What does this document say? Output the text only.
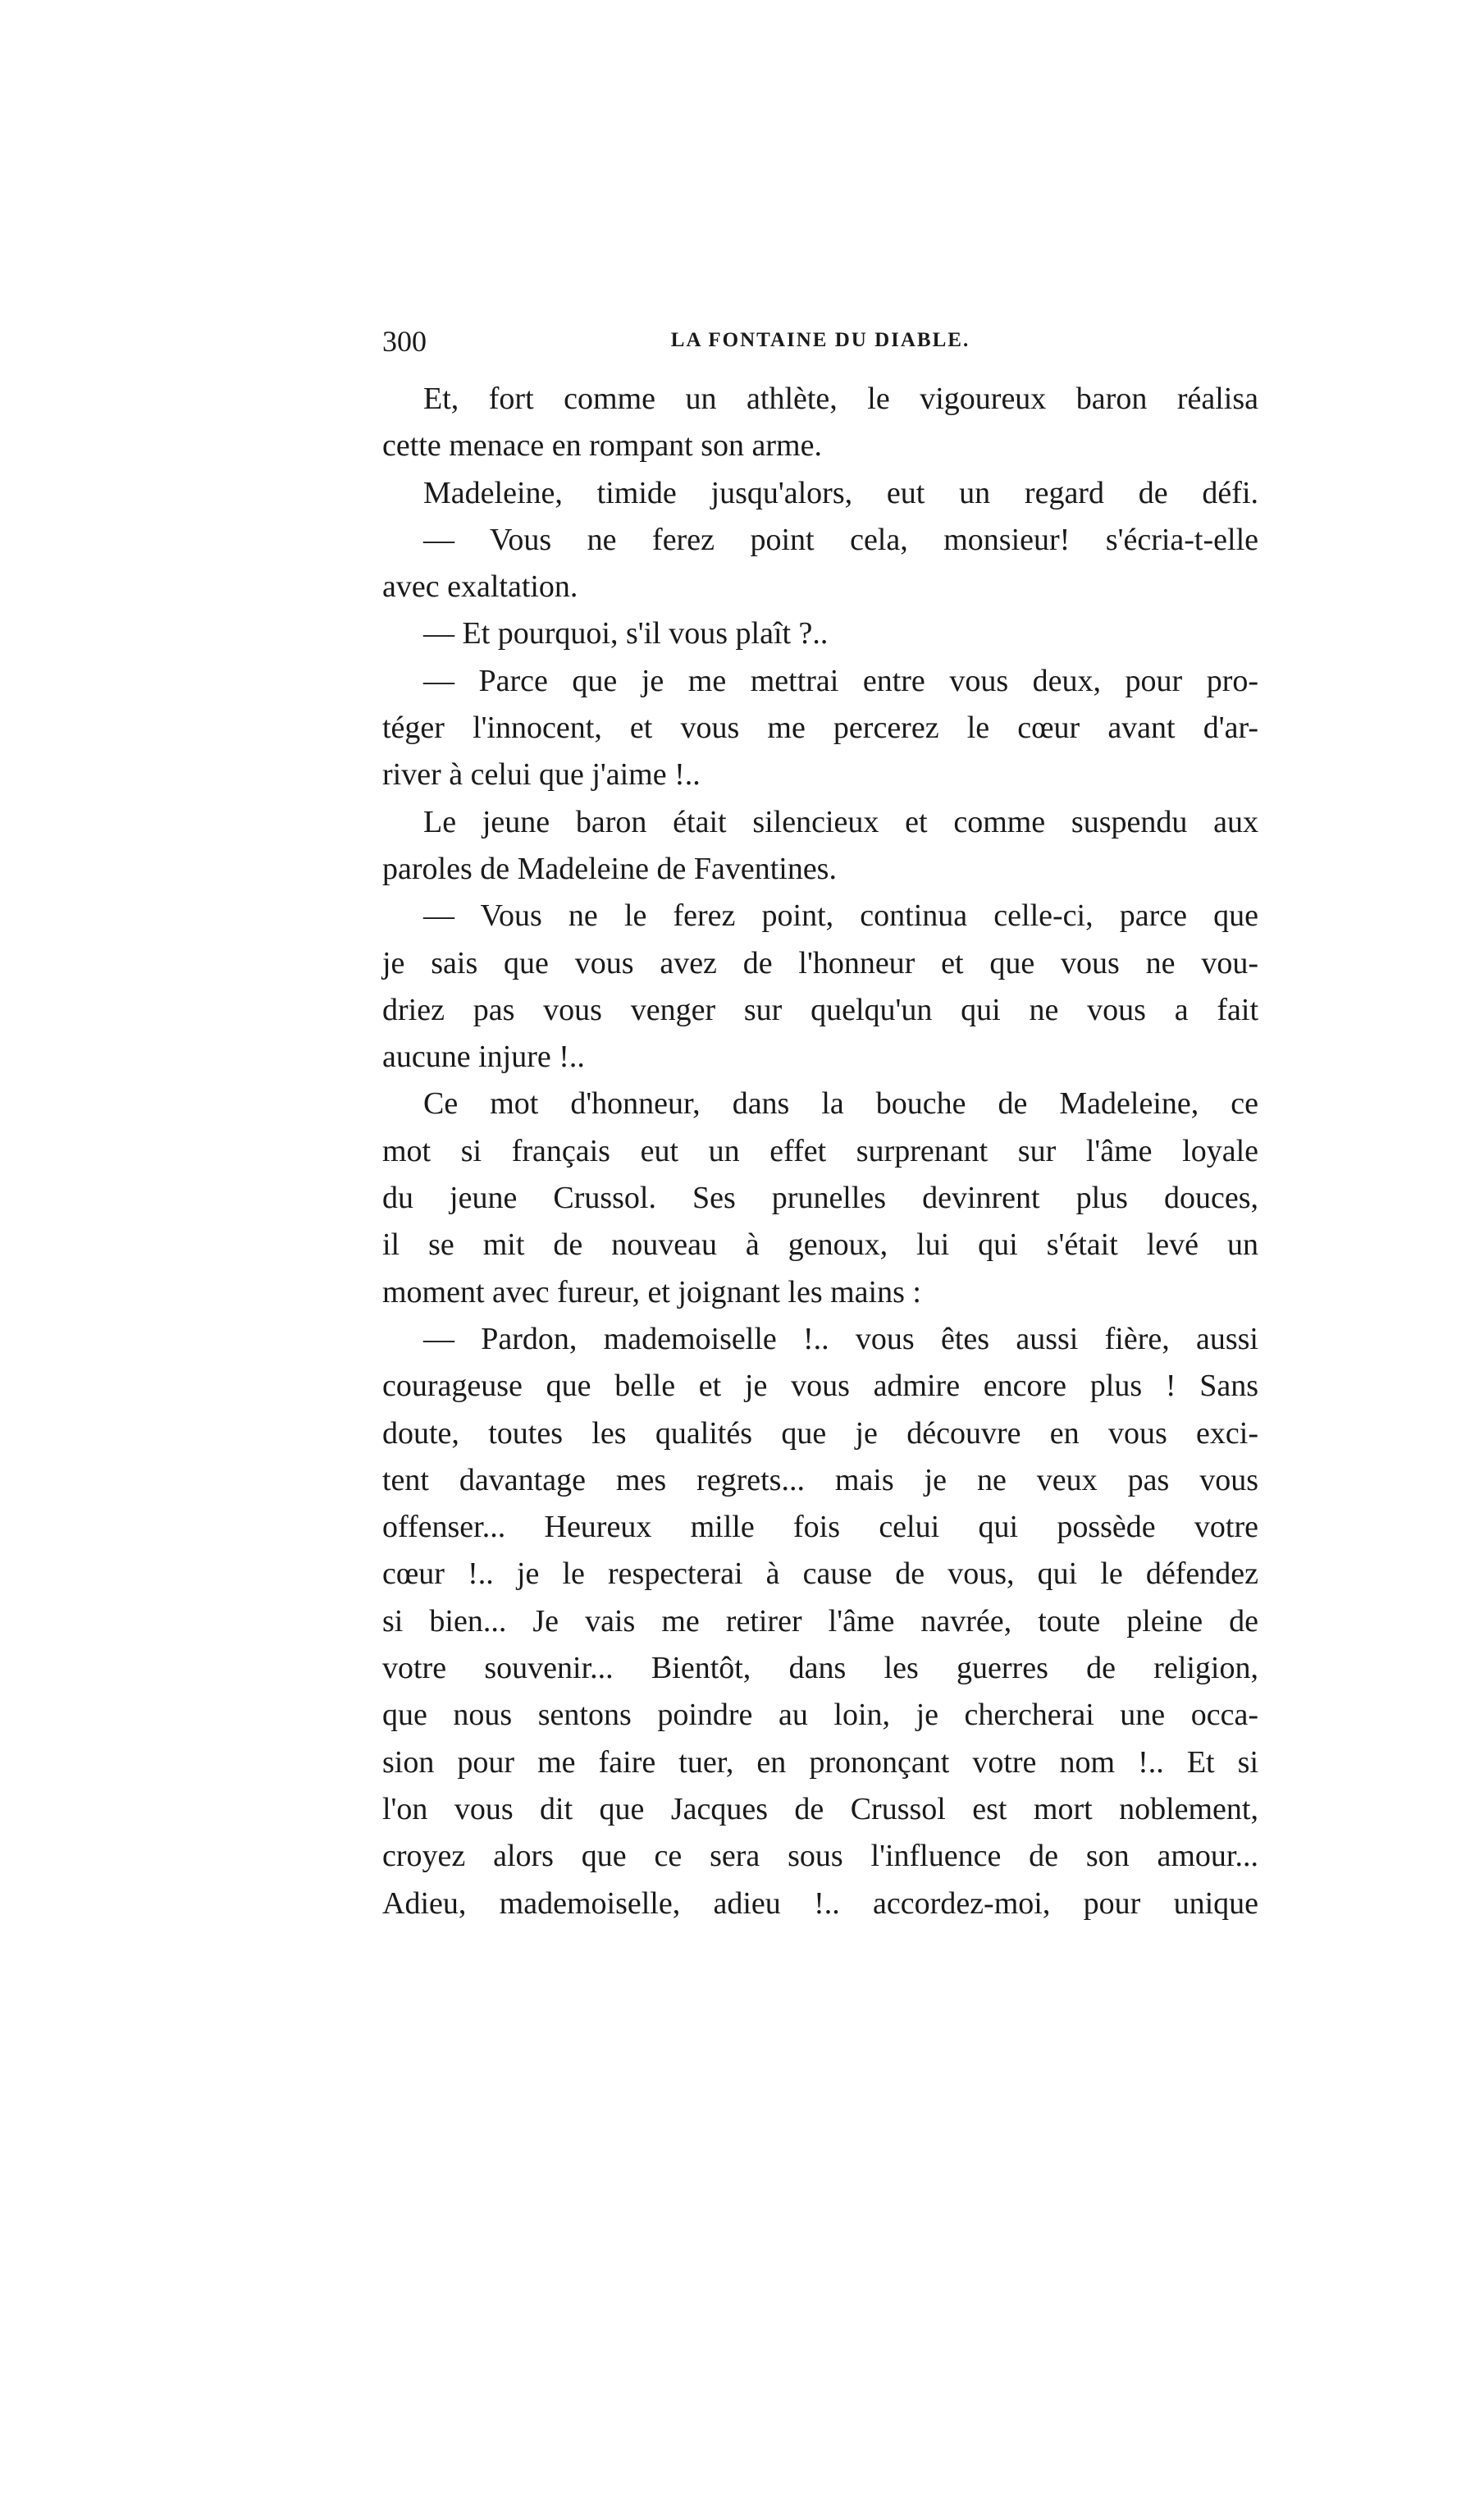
300	LA FONTAINE DU DIABLE.
Et, fort comme un athlète, le vigoureux baron réalisa
cette menace en rompant son arme.
Madeleine, timide jusqu'alors, eut un regard de défi.
— Vous ne ferez point cela, monsieur! s'écria-t-elle
avec exaltation.
— Et pourquoi, s'il vous plaît ?..
— Parce que je me mettrai entre vous deux, pour pro-
téger l'innocent, et vous me percerez le cœur avant d'ar-
river à celui que j'aime !..
Le jeune baron était silencieux et comme suspendu aux
paroles de Madeleine de Faventines.
— Vous ne le ferez point, continua celle-ci, parce que
je sais que vous avez de l'honneur et que vous ne vou-
driez pas vous venger sur quelqu'un qui ne vous a fait
aucune injure !..
Ce mot d'honneur, dans la bouche de Madeleine, ce
mot si français eut un effet surprenant sur l'âme loyale
du jeune Crussol. Ses prunelles devinrent plus douces,
il se mit de nouveau à genoux, lui qui s'était levé un
moment avec fureur, et joignant les mains :
— Pardon, mademoiselle !.. vous êtes aussi fière, aussi
courageuse que belle et je vous admire encore plus ! Sans
doute, toutes les qualités que je découvre en vous exci-
tent davantage mes regrets... mais je ne veux pas vous
offenser... Heureux mille fois celui qui possède votre
cœur !.. je le respecterai à cause de vous, qui le défendez
si bien... Je vais me retirer l'âme navrée, toute pleine de
votre souvenir... Bientôt, dans les guerres de religion,
que nous sentons poindre au loin, je chercherai une occa-
sion pour me faire tuer, en prononçant votre nom !.. Et si
l'on vous dit que Jacques de Crussol est mort noblement,
croyez alors que ce sera sous l'influence de son amour...
Adieu, mademoiselle, adieu !.. accordez-moi, pour unique
